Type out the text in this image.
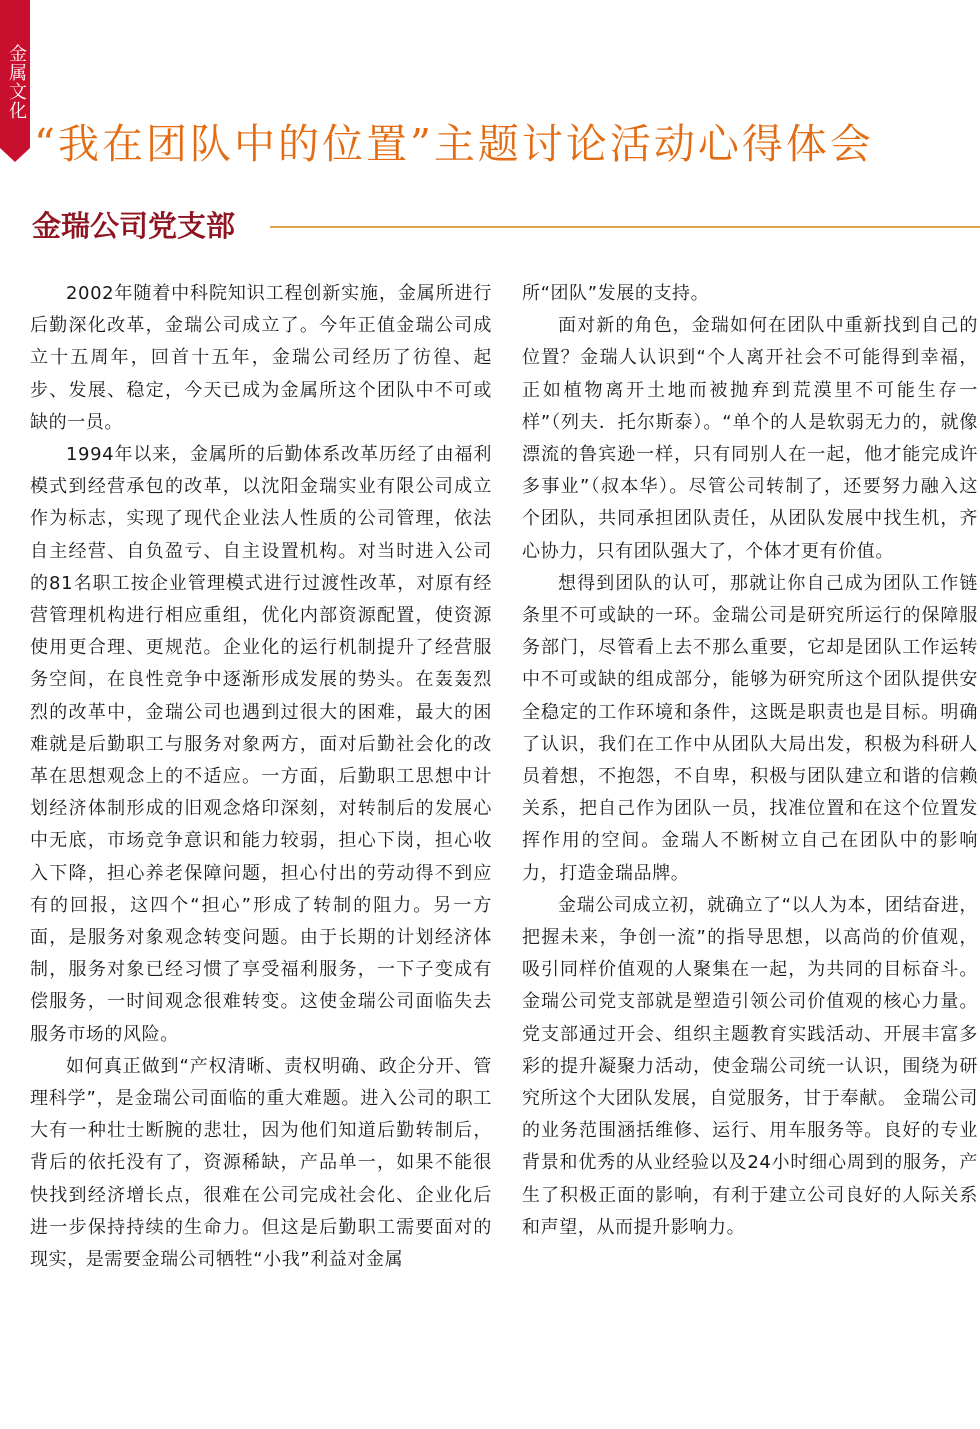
金属文化
“我在团队中的位置”主题讨论活动心得体会
金瑞公司党支部

2002年随着中科院知识工程创新实施，金属所进行后勤深化改革，金瑞公司成立了。今年正值金瑞公司成立十五周年，回首十五年，金瑞公司经历了彷徨、起步、发展、稳定，今天已成为金属所这个团队中不可或缺的一员。

1994年以来，金属所的后勤体系改革历经了由福利模式到经营承包的改革，以沈阳金瑞实业有限公司成立作为标志，实现了现代企业法人性质的公司管理，依法自主经营、自负盈亏、自主设置机构。对当时进入公司的81名职工按企业管理模式进行过渡性改革，对原有经营管理机构进行相应重组，优化内部资源配置，使资源使用更合理、更规范。企业化的运行机制提升了经营服务空间，在良性竞争中逐渐形成发展的势头。在轰轰烈烈的改革中，金瑞公司也遇到过很大的困难，最大的困难就是后勤职工与服务对象两方，面对后勤社会化的改革在思想观念上的不适应。一方面，后勤职工思想中计划经济体制形成的旧观念烙印深刻，对转制后的发展心中无底，市场竞争意识和能力较弱，担心下岗，担心收入下降，担心养老保障问题，担心付出的劳动得不到应有的回报，这四个“担心”形成了转制的阻力。另一方面，是服务对象观念转变问题。由于长期的计划经济体制，服务对象已经习惯了享受福利服务，一下子变成有偿服务，一时间观念很难转变。这使金瑞公司面临失去服务市场的风险。

如何真正做到“产权清晰、责权明确、政企分开、管理科学”，是金瑞公司面临的重大难题。进入公司的职工大有一种壮士断腕的悲壮，因为他们知道后勤转制后，背后的依托没有了，资源稀缺，产品单一，如果不能很快找到经济增长点，很难在公司完成社会化、企业化后进一步保持持续的生命力。但这是后勤职工需要面对的现实，是需要金瑞公司牺牲“小我”利益对金属

所“团队”发展的支持。

面对新的角色，金瑞如何在团队中重新找到自己的位置？金瑞人认识到“个人离开社会不可能得到幸福，正如植物离开土地而被抛弃到荒漠里不可能生存一样”（列夫．托尔斯泰）。“单个的人是软弱无力的，就像漂流的鲁宾逊一样，只有同别人在一起，他才能完成许多事业”（叔本华）。尽管公司转制了，还要努力融入这个团队，共同承担团队责任，从团队发展中找生机，齐心协力，只有团队强大了，个体才更有价值。

想得到团队的认可，那就让你自己成为团队工作链条里不可或缺的一环。金瑞公司是研究所运行的保障服务部门，尽管看上去不那么重要，它却是团队工作运转中不可或缺的组成部分，能够为研究所这个团队提供安全稳定的工作环境和条件，这既是职责也是目标。明确了认识，我们在工作中从团队大局出发，积极为科研人员着想，不抱怨，不自卑，积极与团队建立和谐的信赖关系，把自己作为团队一员，找准位置和在这个位置发挥作用的空间。金瑞人不断树立自己在团队中的影响力，打造金瑞品牌。

金瑞公司成立初，就确立了“以人为本，团结奋进，把握未来，争创一流”的指导思想，以高尚的价值观，吸引同样价值观的人聚集在一起，为共同的目标奋斗。金瑞公司党支部就是塑造引领公司价值观的核心力量。党支部通过开会、组织主题教育实践活动、开展丰富多彩的提升凝聚力活动，使金瑞公司统一认识，围绕为研究所这个大团队发展，自觉服务，甘于奉献。 金瑞公司的业务范围涵括维修、运行、用车服务等。良好的专业背景和优秀的从业经验以及24小时细心周到的服务，产生了积极正面的影响，有利于建立公司良好的人际关系和声望，从而提升影响力。
